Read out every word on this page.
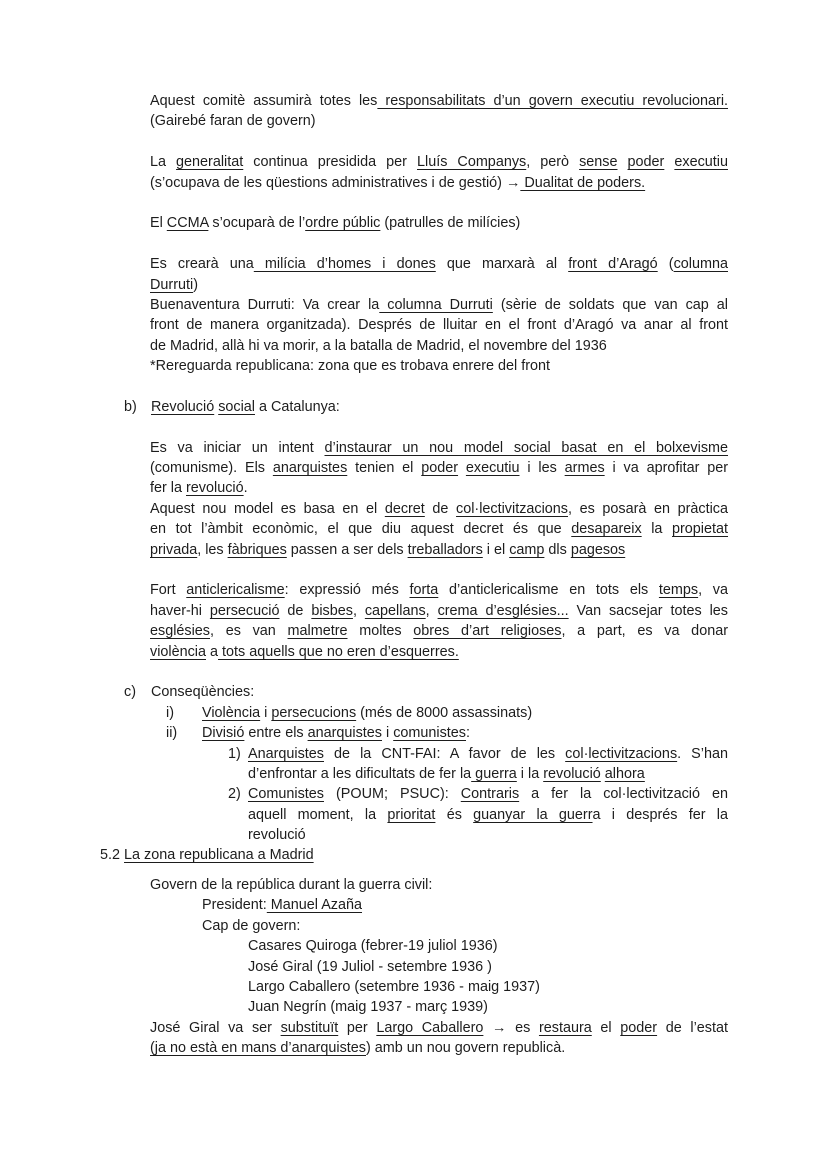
Aquest comitè assumirà totes les responsabilitats d’un govern executiu revolucionari.
(Gairebé faran de govern)
La generalitat continua presidida per Lluís Companys, però sense poder executiu
(s’ocupava de les qüestions administratives i de gestió) → Dualitat de poders.
El CCMA s’ocuparà de l’ordre públic (patrulles de milícies)
Es crearà una milícia d’homes i dones que marxarà al front d’Aragó (columna
Durruti)
Buenaventura Durruti: Va crear la columna Durruti (sèrie de soldats que van cap al
front de manera organitzada). Després de lluitar en el front d’Aragó va anar al front
de Madrid, allà hi va morir, a la batalla de Madrid, el novembre del 1936
*Rereguarda republicana: zona que es trobava enrere del front
b) Revolució social a Catalunya:
Es va iniciar un intent d’instaurar un nou model social basat en el bolxevisme
(comunisme). Els anarquistes tenien el poder executiu i les armes i va aprofitar per
fer la revolució.
Aquest nou model es basa en el decret de col·lectivitzacions, es posarà en pràctica
en tot l’àmbit econòmic, el que diu aquest decret és que desapareix la propietat
privada, les fàbriques passen a ser dels treballadors i el camp dls pagesos
Fort anticlericalisme: expressió més forta d’anticlericalisme en tots els temps, va
haver-hi persecució de bisbes, capellans, crema d’esglésies... Van sacsejar totes les
esglésies, es van malmetre moltes obres d’art religioses, a part, es va donar
violència a tots aquells que no eren d’esquerres.
c) Conseqüències:
i) Violència i persecucions (més de 8000 assassinats)
ii) Divisió entre els anarquistes i comunistes:
1) Anarquistes de la CNT-FAI: A favor de les col·lectivitzacions. S’han
d’enfrontar a les dificultats de fer la guerra i la revolució alhora
2) Comunistes (POUM; PSUC): Contraris a fer la col·lectivització en
aquell moment, la prioritat és guanyar la guerra i després fer la
revolució
5.2 La zona republicana a Madrid
Govern de la república durant la guerra civil:
President: Manuel Azaña
Cap de govern:
Casares Quiroga (febrer-19 juliol 1936)
José Giral (19 Juliol - setembre 1936 )
Largo Caballero (setembre 1936 - maig 1937)
Juan Negrín (maig 1937 - març 1939)
José Giral va ser substituït per Largo Caballero → es restaura el poder de l’estat
(ja no està en mans d’anarquistes) amb un nou govern republicà.
